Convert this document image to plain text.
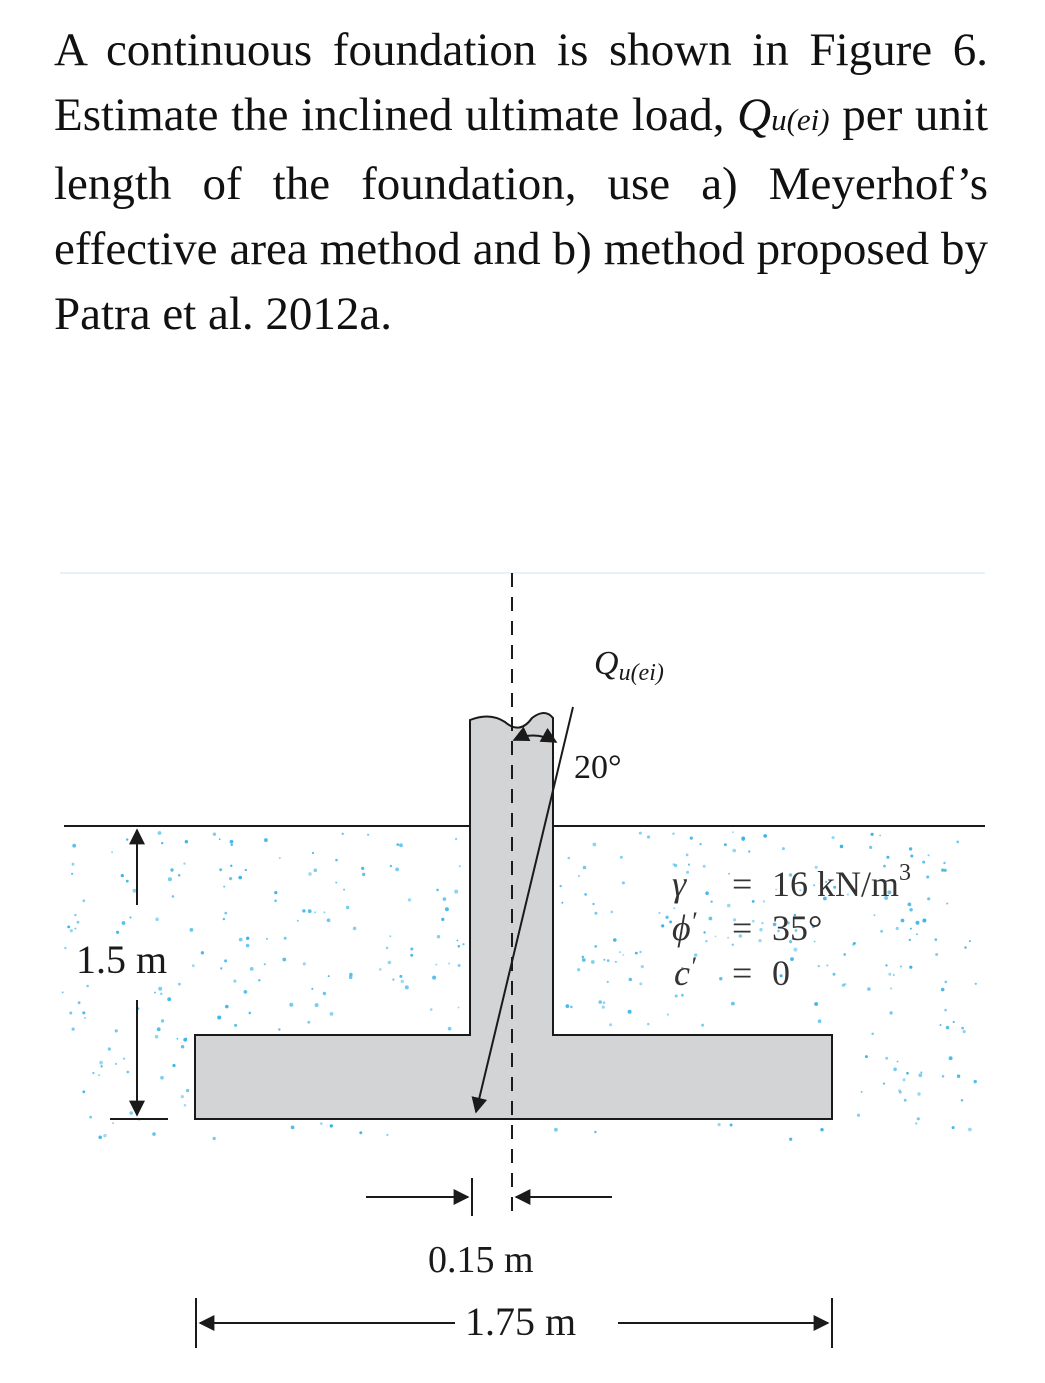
A continuous foundation is shown in Figure 6. Estimate the inclined ultimate load, Qu(ei) per unit length of the foundation, use a) Meyerhof’s effective area method and b) method proposed by Patra et al. 2012a.

Qu(ei)
20°
1.5 m
0.15 m
1.75 m
γ = 16 $kN/m^3$
ϕ′ = 35°
c′ = 0
